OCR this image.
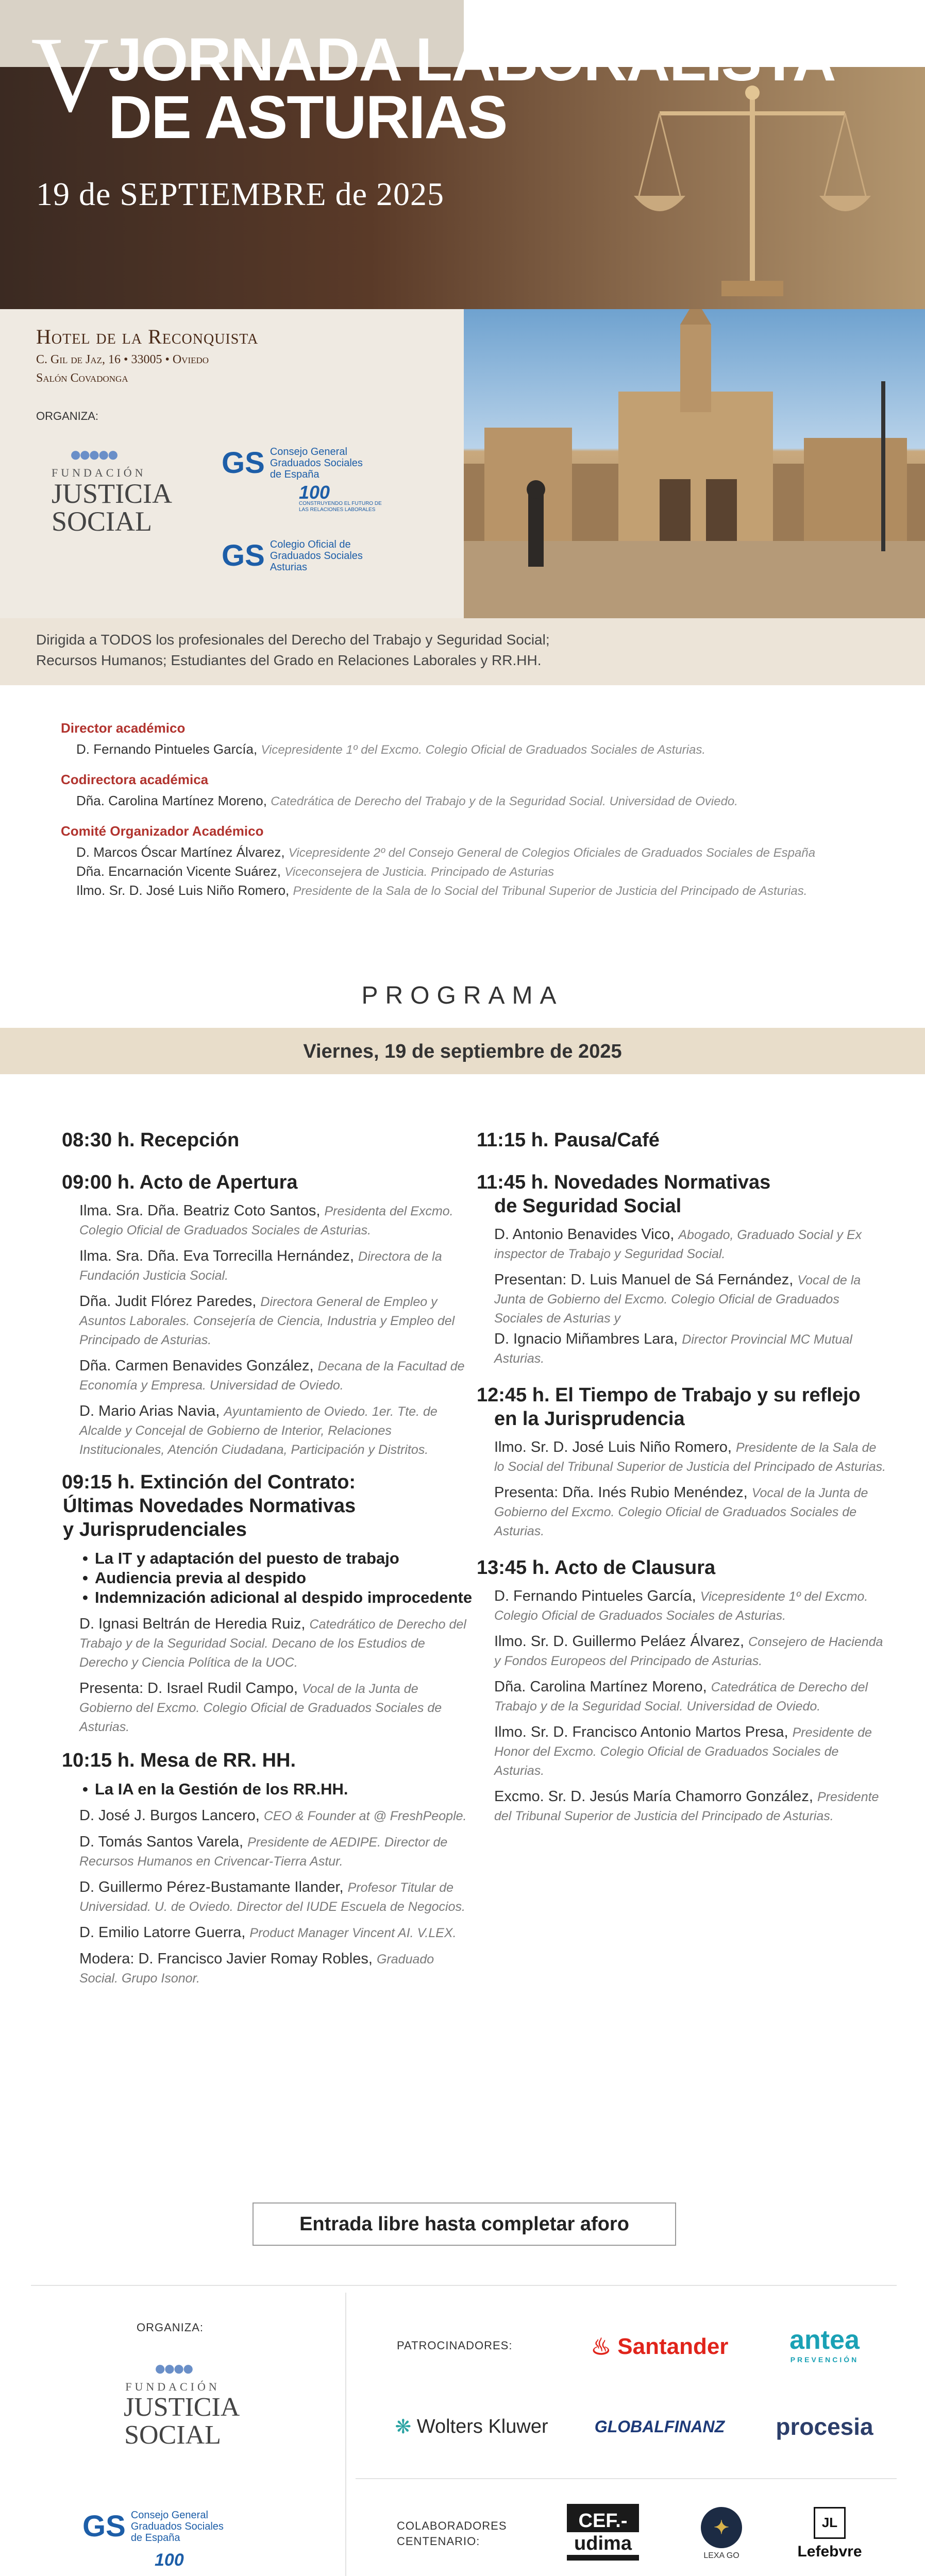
V
JORNADA LABORALISTA
DE ASTURIAS
19 de SEPTIEMBRE de 2025
Hotel de la Reconquista
C. Gil de Jaz, 16 • 33005 • Oviedo
Salón Covadonga
ORGANIZA:
●●●●●
FUNDACIÓN
JUSTICIA
SOCIAL
GS Consejo General
Graduados Sociales
de España
100
CONSTRUYENDO EL FUTURO DE LAS RELACIONES LABORALES
GS Colegio Oficial de
Graduados Sociales
Asturias
Dirigida a TODOS los profesionales del Derecho del Trabajo y Seguridad Social;
Recursos Humanos; Estudiantes del Grado en Relaciones Laborales y RR.HH.
Director académico
D. Fernando Pintueles García, Vicepresidente 1º del Excmo. Colegio Oficial de Graduados Sociales de Asturias.
Codirectora académica
Dña. Carolina Martínez Moreno, Catedrática de Derecho del Trabajo y de la Seguridad Social. Universidad de Oviedo.
Comité Organizador Académico
D. Marcos Óscar Martínez Álvarez, Vicepresidente 2º del Consejo General de Colegios Oficiales de Graduados Sociales de España
Dña. Encarnación Vicente Suárez, Viceconsejera de Justicia. Principado de Asturias
Ilmo. Sr. D. José Luis Niño Romero, Presidente de la Sala de lo Social del Tribunal Superior de Justicia del Principado de Asturias.
PROGRAMA
Viernes, 19 de septiembre de 2025
08:30 h. Recepción
09:00 h. Acto de Apertura
Ilma. Sra. Dña. Beatriz Coto Santos, Presidenta del Excmo. Colegio Oficial de Graduados Sociales de Asturias.
Ilma. Sra. Dña. Eva Torrecilla Hernández, Directora de la Fundación Justicia Social.
Dña. Judit Flórez Paredes, Directora General de Empleo y Asuntos Laborales. Consejería de Ciencia, Industria y Empleo del Principado de Asturias.
Dña. Carmen Benavides González, Decana de la Facultad de Economía y Empresa. Universidad de Oviedo.
D. Mario Arias Navia, Ayuntamiento de Oviedo. 1er. Tte. de Alcalde y Concejal de Gobierno de Interior, Relaciones Institucionales, Atención Ciudadana, Participación y Distritos.
09:15 h. Extinción del Contrato:
Últimas Novedades Normativas
y Jurisprudenciales
• La IT y adaptación del puesto de trabajo
• Audiencia previa al despido
• Indemnización adicional al despido improcedente
D. Ignasi Beltrán de Heredia Ruiz, Catedrático de Derecho del Trabajo y de la Seguridad Social. Decano de los Estudios de Derecho y Ciencia Política de la UOC.
Presenta: D. Israel Rudil Campo, Vocal de la Junta de Gobierno del Excmo. Colegio Oficial de Graduados Sociales de Asturias.
10:15 h. Mesa de RR. HH.
• La IA en la Gestión de los RR.HH.
D. José J. Burgos Lancero, CEO & Founder at @ FreshPeople.
D. Tomás Santos Varela, Presidente de AEDIPE. Director de Recursos Humanos en Crivencar-Tierra Astur.
D. Guillermo Pérez-Bustamante Ilander, Profesor Titular de Universidad. U. de Oviedo. Director del IUDE Escuela de Negocios.
D. Emilio Latorre Guerra, Product Manager Vincent AI. V.LEX.
Modera: D. Francisco Javier Romay Robles, Graduado Social. Grupo Isonor.
11:15 h. Pausa/Café
11:45 h. Novedades Normativas
de Seguridad Social
D. Antonio Benavides Vico, Abogado, Graduado Social y Ex inspector de Trabajo y Seguridad Social.
Presentan: D. Luis Manuel de Sá Fernández, Vocal de la Junta de Gobierno del Excmo. Colegio Oficial de Graduados Sociales de Asturias y
D. Ignacio Miñambres Lara, Director Provincial MC Mutual Asturias.
12:45 h. El Tiempo de Trabajo y su reflejo
en la Jurisprudencia
Ilmo. Sr. D. José Luis Niño Romero, Presidente de la Sala de lo Social del Tribunal Superior de Justicia del Principado de Asturias.
Presenta: Dña. Inés Rubio Menéndez, Vocal de la Junta de Gobierno del Excmo. Colegio Oficial de Graduados Sociales de Asturias.
13:45 h. Acto de Clausura
D. Fernando Pintueles García, Vicepresidente 1º del Excmo. Colegio Oficial de Graduados Sociales de Asturias.
Ilmo. Sr. D. Guillermo Peláez Álvarez, Consejero de Hacienda y Fondos Europeos del Principado de Asturias.
Dña. Carolina Martínez Moreno, Catedrática de Derecho del Trabajo y de la Seguridad Social. Universidad de Oviedo.
Ilmo. Sr. D. Francisco Antonio Martos Presa, Presidente de Honor del Excmo. Colegio Oficial de Graduados Sociales de Asturias.
Excmo. Sr. D. Jesús María Chamorro González, Presidente del Tribunal Superior de Justicia del Principado de Asturias.
Entrada libre hasta completar aforo
ORGANIZA:
●●●●
FUNDACIÓN
JUSTICIA
SOCIAL
GS Consejo General
Graduados Sociales
de España
100
PATROCINADORES:	♨ Santander antea
PREVENCIÓN
❋
Wolters Kluwer	GLOBALFINANZ	procesia
COLABORADORES
CENTENARIO:
CEF.-
udima
✦
LEXA GO
JL
Lefebvre
